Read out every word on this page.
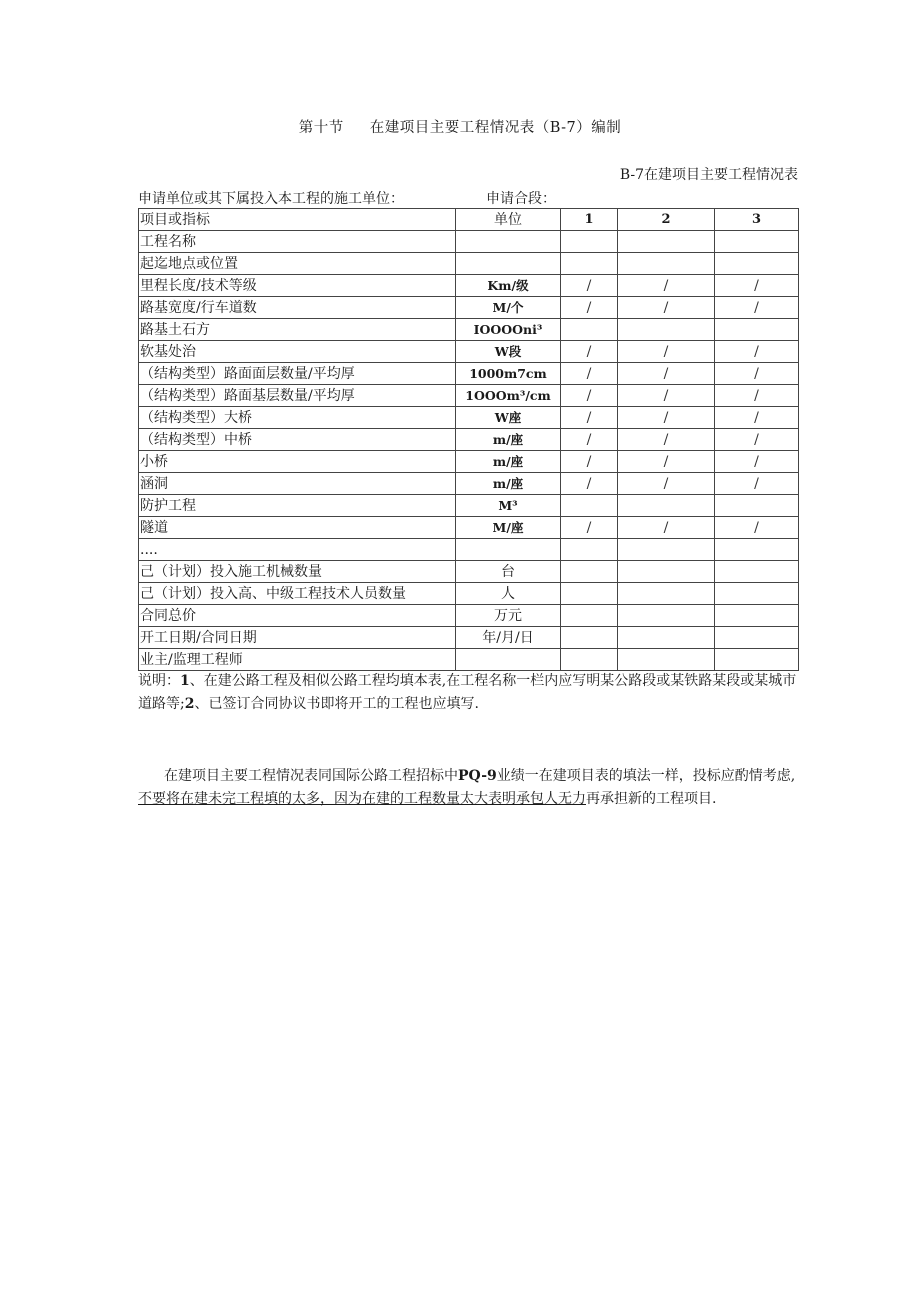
第十节 在建项目主要工程情况表（B-7）编制
B-7在建项目主要工程情况表
申请单位或其下属投入本工程的施工单位：	申请合段：
项目或指标	单位	1	2	3
工程名称				
起迄地点或位置				
里程长度/技术等级	Km/级	/	/	/
路基宽度/行车道数	M/个	/	/	/
路基土石方	IOOOOni³			
软基处治	W段	/	/	/
（结构类型）路面面层数量/平均厚	1000m7cm	/	/	/
（结构类型）路面基层数量/平均厚	1OOOm³/cm	/	/	/
（结构类型）大桥	W座	/	/	/
（结构类型）中桥	m/座	/	/	/
小桥	m/座	/	/	/
涵洞	m/座	/	/	/
防护工程	M³			
隧道	M/座	/	/	/
....				
己（计划）投入施工机械数量	台			
己（计划）投入高、中级工程技术人员数量	人			
合同总价	万元			
开工日期/合同日期	年/月/日			
业主/监理工程师				
说明：1、在建公路工程及相似公路工程均填本表,在工程名称一栏内应写明某公路段或某铁路某段或某城市道路等;2、已签订合同协议书即将开工的工程也应填写.
在建项目主要工程情况表同国际公路工程招标中PQ-9业绩一在建项目表的填法一样，投标应酌情考虑,不要将在建未完工程填的太多，因为在建的工程数量太大表明承包人无力再承担新的工程项目.
